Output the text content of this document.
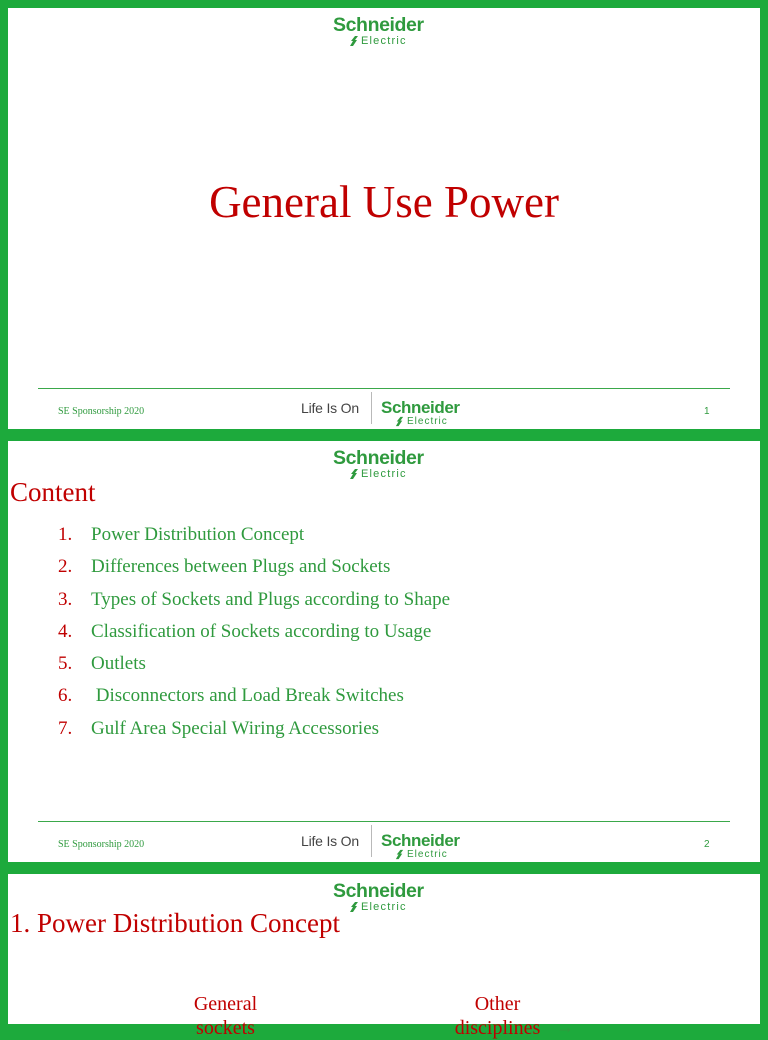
Schneider
Electric
General Use Power
SE Sponsorship 2020	Life Is On Schneider
Electric
1
Schneider
Electric
Content
1. Power Distribution Concept
2. Differences between Plugs and Sockets
3. Types of Sockets and Plugs according to Shape
4. Classification of Sockets according to Usage
5. Outlets
6. Disconnectors and Load Break Switches
7. Gulf Area Special Wiring Accessories
SE Sponsorship 2020	Life Is On Schneider
Electric
2
Schneider
Electric
1. Power Distribution Concept
General
sockets
Other
disciplines →
